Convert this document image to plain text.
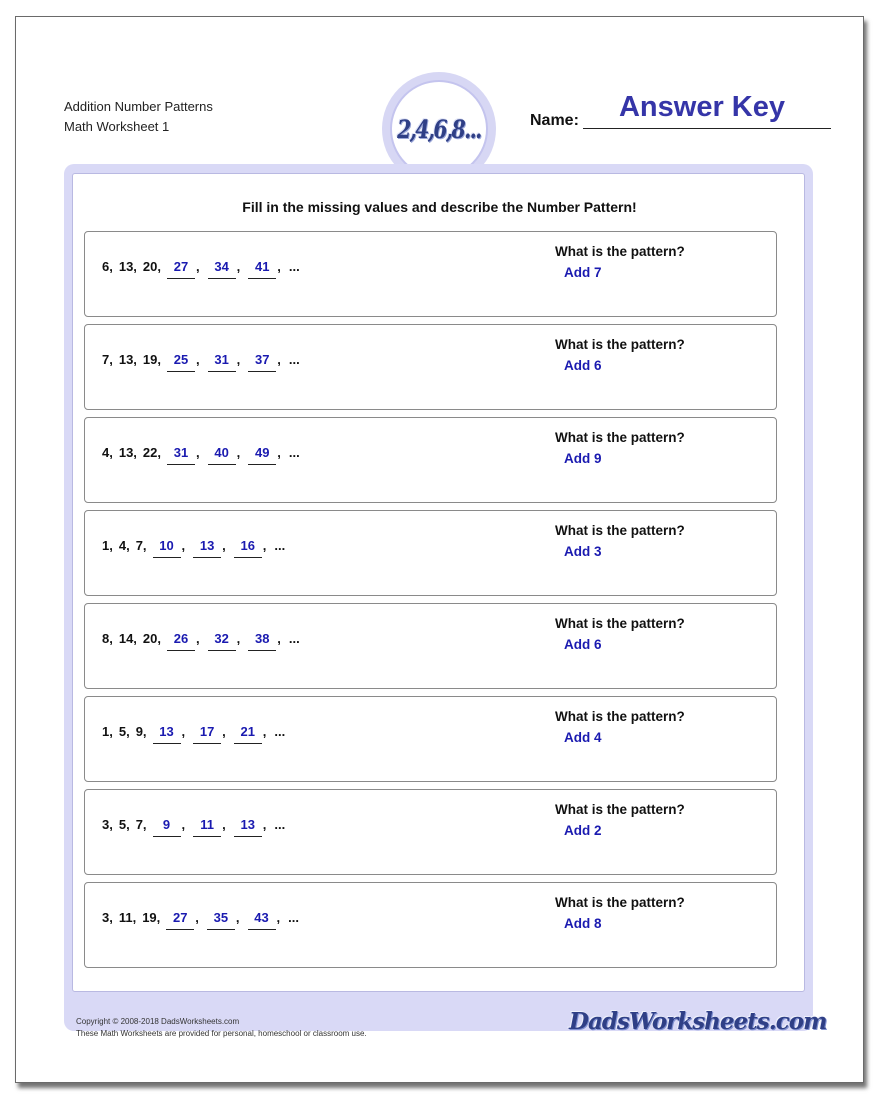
Addition Number Patterns
Math Worksheet 1	2,4,6,8...	Name:	Answer Key
Fill in the missing values and describe the Number Pattern!
6, 13, 20, 27 ,	34 ,	41 , ...
What is the pattern?
Add 7
7, 13, 19, 25 ,	31 ,	37 , ...
What is the pattern?
Add 6
4, 13, 22, 31 ,	40 ,	49 , ...
What is the pattern?
Add 9
1, 4, 7, 10 ,	13 ,	16 , ...
What is the pattern?
Add 3
8, 14, 20, 26 ,	32 ,	38 , ...
What is the pattern?
Add 6
1, 5, 9, 13 ,	17 ,	21 , ...
What is the pattern?
Add 4
3, 5, 7,	9 ,	11 ,	13 , ...
What is the pattern?
Add 2
3, 11, 19, 27 ,	35 ,	43 , ...
What is the pattern?
Add 8
Copyright © 2008-2018 DadsWorksheets.com
These Math Worksheets are provided for personal, homeschool or classroom use.	DadsWorksheets.com
